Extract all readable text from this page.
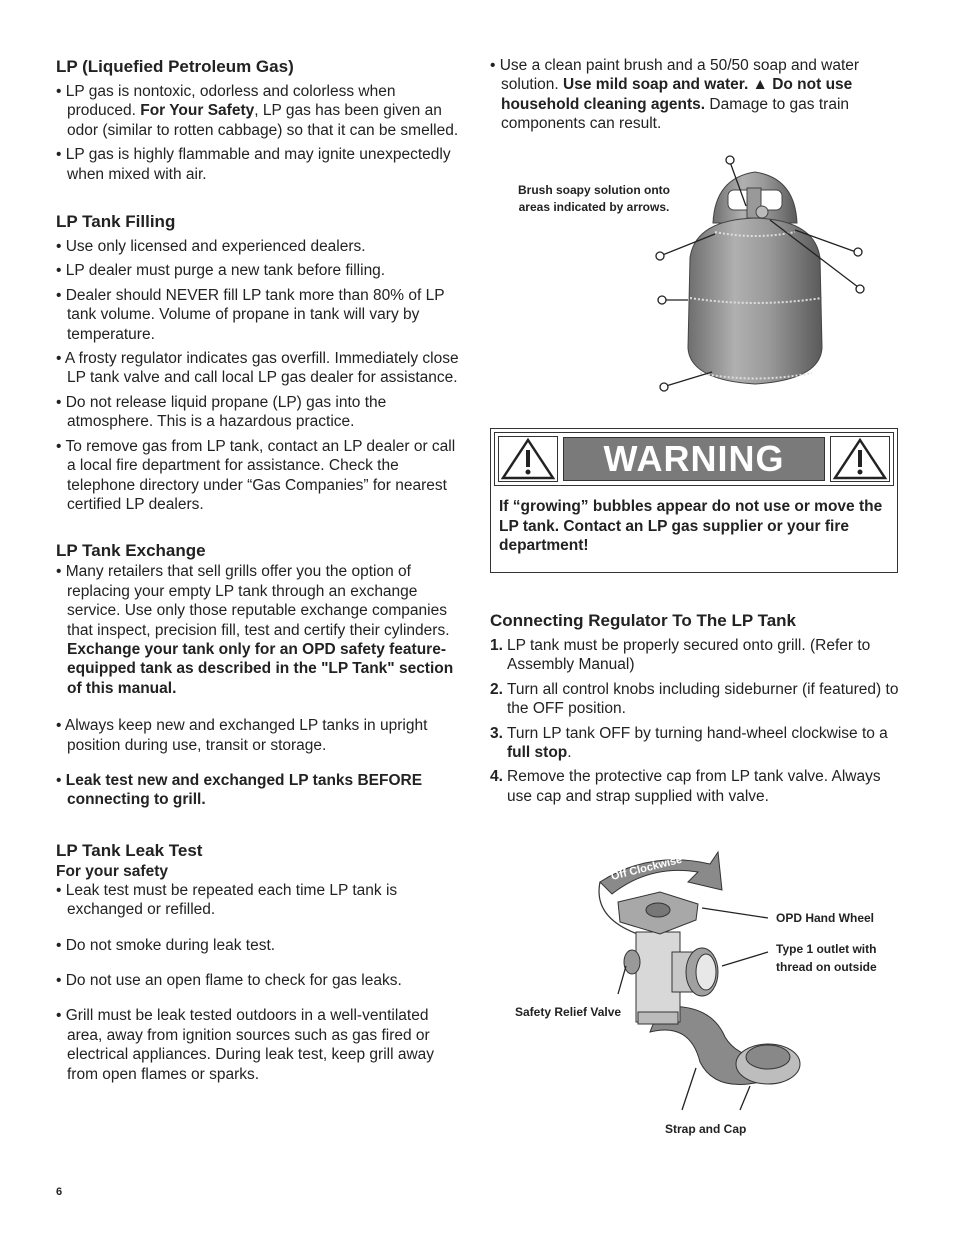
LP (Liquefied Petroleum Gas)
• LP gas is nontoxic, odorless and colorless when produced. For Your Safety, LP gas has been given an odor (similar to rotten cabbage) so that it can be smelled.
• LP gas is highly flammable and may ignite unexpectedly when mixed with air.
LP Tank Filling
• Use only licensed and experienced dealers.
• LP dealer must purge a new tank before filling.
• Dealer should NEVER fill LP tank more than 80% of LP tank volume. Volume of propane in tank will vary by temperature.
• A frosty regulator indicates gas overfill. Immediately close LP tank valve and call local LP gas dealer for assistance.
• Do not release liquid propane (LP) gas into the atmosphere. This is a hazardous practice.
• To remove gas from LP tank, contact an LP dealer or call a local fire department for assistance. Check the telephone directory under “Gas Companies” for nearest certified LP dealers.
LP Tank Exchange
• Many retailers that sell grills offer you the option of replacing your empty LP tank through an exchange service. Use only those reputable exchange companies that inspect, precision fill, test and certify their cylinders. Exchange your tank only for an OPD safety feature-equipped tank as described in the "LP Tank" section of this manual.
• Always keep new and exchanged LP tanks in upright position during use, transit or storage.
• Leak test new and exchanged LP tanks BEFORE connecting to grill.
LP Tank Leak Test
For your safety
• Leak test must be repeated each time LP tank is exchanged or refilled.
• Do not smoke during leak test.
• Do not use an open flame to check for gas leaks.
• Grill must be leak tested outdoors in a well-ventilated area, away from ignition sources such as gas fired or electrical appliances. During leak test, keep grill away from open flames or sparks.
• Use a clean paint brush and a 50/50 soap and water solution. Use mild soap and water. ▲ Do not use household cleaning agents. Damage to gas train components can result.
Brush soapy solution onto
areas indicated by arrows.
WARNING
If “growing” bubbles appear do not use or move the LP tank. Contact an LP gas supplier or your fire department!
Connecting Regulator To The LP Tank
1. LP tank must be properly secured onto grill. (Refer to Assembly Manual)
2. Turn all control knobs including sideburner (if featured) to the OFF position.
3. Turn LP tank OFF by turning hand-wheel clockwise to a full stop.
4. Remove the protective cap from LP tank valve. Always use cap and strap supplied with valve.
Off Clockwise
OPD Hand Wheel
Type 1 outlet with
thread on outside
Safety Relief Valve
Strap and Cap
6
